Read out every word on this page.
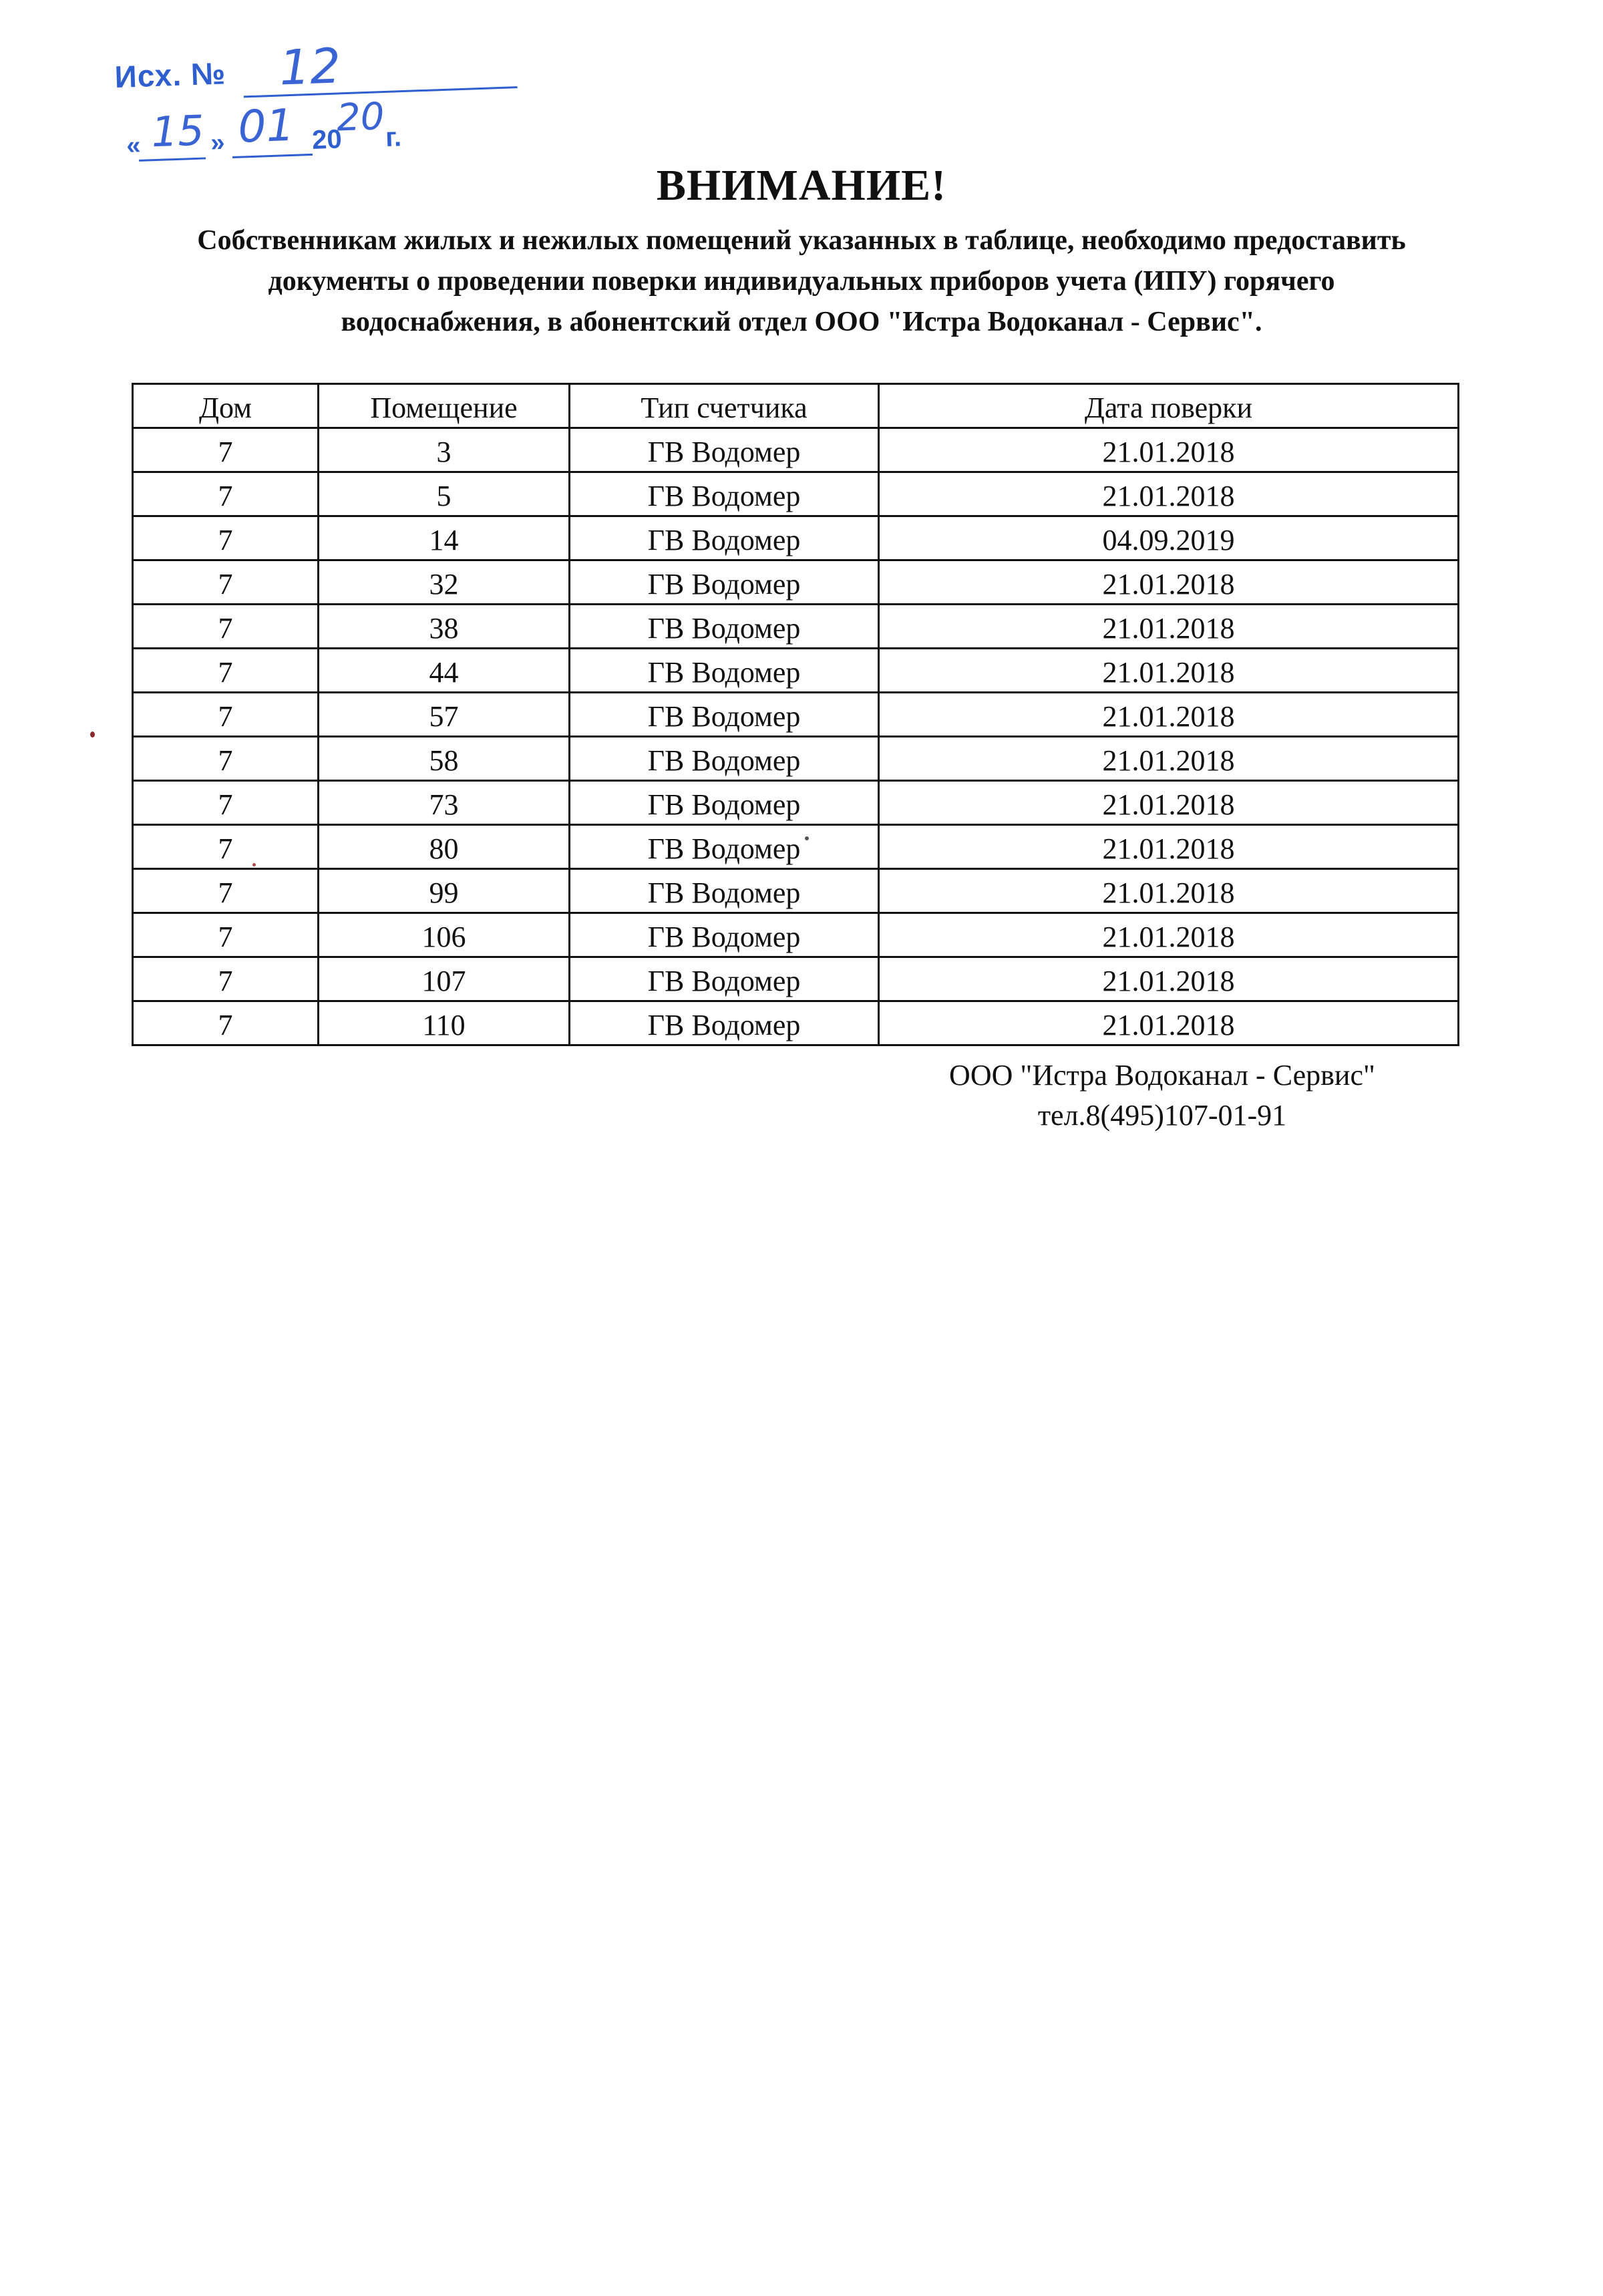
Исх. № 12
« 15 » 01 20
20 г.
ВНИМАНИЕ!
Собственникам жилых и нежилых помещений указанных в таблице, необходимо предоставить документы о проведении поверки индивидуальных приборов учета (ИПУ) горячего водоснабжения, в абонентский отдел ООО "Истра Водоканал - Сервис".
Дом	Помещение	Тип счетчика	Дата поверки
7	3	ГВ Водомер	21.01.2018
7	5	ГВ Водомер	21.01.2018
7	14	ГВ Водомер	04.09.2019
7	32	ГВ Водомер	21.01.2018
7	38	ГВ Водомер	21.01.2018
7	44	ГВ Водомер	21.01.2018
7	57	ГВ Водомер	21.01.2018
7	58	ГВ Водомер	21.01.2018
7	73	ГВ Водомер	21.01.2018
7	80	ГВ Водомер	21.01.2018
7	99	ГВ Водомер	21.01.2018
7	106	ГВ Водомер	21.01.2018
7	107	ГВ Водомер	21.01.2018
7	110	ГВ Водомер	21.01.2018
ООО "Истра Водоканал - Сервис"
тел.8(495)107-01-91
